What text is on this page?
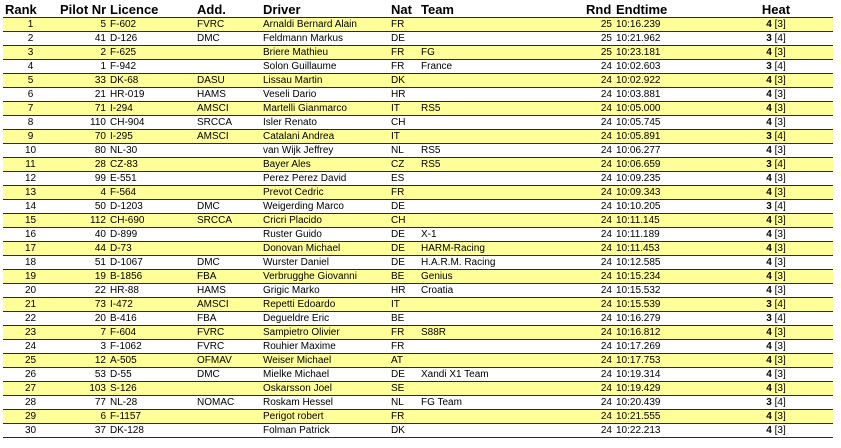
Rank	Pilot Nr	Licence	Add.	Driver	Nat	Team	Rnd	Endtime	Heat
1	5	F-602	FVRC	Arnaldi Bernard Alain	FR		25	10:16.239	4 [3]
2	41	D-126	DMC	Feldmann Markus	DE		25	10:21.962	3 [4]
3	2	F-625		Briere Mathieu	FR	FG	25	10:23.181	4 [3]
4	1	F-942		Solon Guillaume	FR	France	24	10:02.603	3 [4]
5	33	DK-68	DASU	Lissau Martin	DK		24	10:02.922	4 [3]
6	21	HR-019	HAMS	Veseli Dario	HR		24	10:03.881	4 [3]
7	71	I-294	AMSCI	Martelli Gianmarco	IT	RS5	24	10:05.000	4 [3]
8	110	CH-904	SRCCA	Isler Renato	CH		24	10:05.745	4 [3]
9	70	I-295	AMSCI	Catalani Andrea	IT		24	10:05.891	3 [4]
10	80	NL-30		van Wijk Jeffrey	NL	RS5	24	10:06.277	4 [3]
11	28	CZ-83		Bayer Ales	CZ	RS5	24	10:06.659	3 [4]
12	99	E-551		Perez Perez David	ES		24	10:09.235	4 [3]
13	4	F-564		Prevot Cedric	FR		24	10:09.343	4 [3]
14	50	D-1203	DMC	Weigerding Marco	DE		24	10:10.205	3 [4]
15	112	CH-690	SRCCA	Cricri Placido	CH		24	10:11.145	4 [3]
16	40	D-899		Ruster Guido	DE	X-1	24	10:11.189	4 [3]
17	44	D-73		Donovan Michael	DE	HARM-Racing	24	10:11.453	4 [3]
18	51	D-1067	DMC	Wurster Daniel	DE	H.A.R.M. Racing	24	10:12.585	4 [3]
19	19	B-1856	FBA	Verbrugghe Giovanni	BE	Genius	24	10:15.234	4 [3]
20	22	HR-88	HAMS	Grigic Marko	HR	Croatia	24	10:15.532	4 [3]
21	73	I-472	AMSCI	Repetti Edoardo	IT		24	10:15.539	3 [4]
22	20	B-416	FBA	Degueldre Eric	BE		24	10:16.279	3 [4]
23	7	F-604	FVRC	Sampietro Olivier	FR	S88R	24	10:16.812	4 [3]
24	3	F-1062	FVRC	Rouhier Maxime	FR		24	10:17.269	4 [3]
25	12	A-505	OFMAV	Weiser Michael	AT		24	10:17.753	4 [3]
26	53	D-55	DMC	Mielke Michael	DE	Xandi X1 Team	24	10:19.314	4 [3]
27	103	S-126		Oskarsson Joel	SE		24	10:19.429	4 [3]
28	77	NL-28	NOMAC	Roskam Hessel	NL	FG Team	24	10:20.439	3 [4]
29	6	F-1157		Perigot robert	FR		24	10:21.555	4 [3]
30	37	DK-128		Folman Patrick	DK		24	10:22.213	4 [3]
